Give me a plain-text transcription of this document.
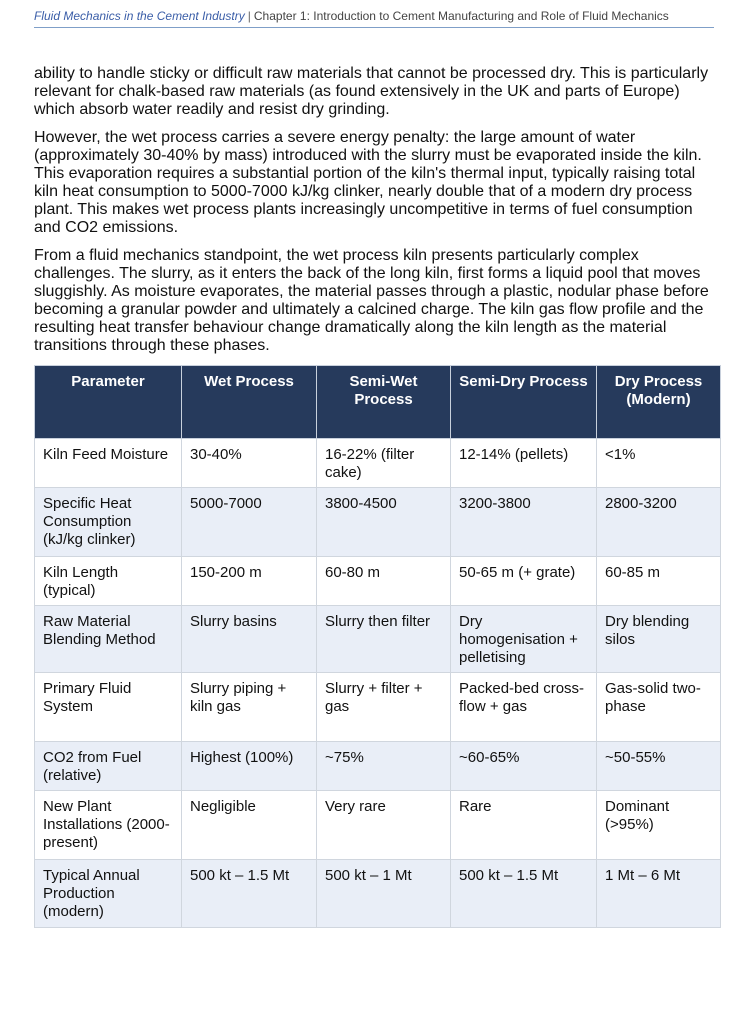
Fluid Mechanics in the Cement Industry | Chapter 1: Introduction to Cement Manufacturing and Role of Fluid Mechanics

ability to handle sticky or difficult raw materials that cannot be processed dry. This is particularly relevant for chalk-based raw materials (as found extensively in the UK and parts of Europe) which absorb water readily and resist dry grinding.

However, the wet process carries a severe energy penalty: the large amount of water (approximately 30-40% by mass) introduced with the slurry must be evaporated inside the kiln. This evaporation requires a substantial portion of the kiln's thermal input, typically raising total kiln heat consumption to 5000-7000 kJ/kg clinker, nearly double that of a modern dry process plant. This makes wet process plants increasingly uncompetitive in terms of fuel consumption and CO2 emissions.

From a fluid mechanics standpoint, the wet process kiln presents particularly complex challenges. The slurry, as it enters the back of the long kiln, first forms a liquid pool that moves sluggishly. As moisture evaporates, the material passes through a plastic, nodular phase before becoming a granular powder and ultimately a calcined charge. The kiln gas flow profile and the resulting heat transfer behaviour change dramatically along the kiln length as the material transitions through these phases.

Parameter	Wet Process	Semi-Wet Process	Semi-Dry Process	Dry Process (Modern)
Kiln Feed Moisture	30-40%	16-22% (filter cake)	12-14% (pellets)	<1%
Specific Heat Consumption (kJ/kg clinker)	5000-7000	3800-4500	3200-3800	2800-3200
Kiln Length (typical)	150-200 m	60-80 m	50-65 m (+ grate)	60-85 m
Raw Material Blending Method	Slurry basins	Slurry then filter	Dry homogenisation + pelletising	Dry blending silos
Primary Fluid System	Slurry piping + kiln gas	Slurry + filter + gas	Packed-bed cross-flow + gas	Gas-solid two-phase
CO2 from Fuel (relative)	Highest (100%)	~75%	~60-65%	~50-55%
New Plant Installations (2000-present)	Negligible	Very rare	Rare	Dominant (>95%)
Typical Annual Production (modern)	500 kt – 1.5 Mt	500 kt – 1 Mt	500 kt – 1.5 Mt	1 Mt – 6 Mt
